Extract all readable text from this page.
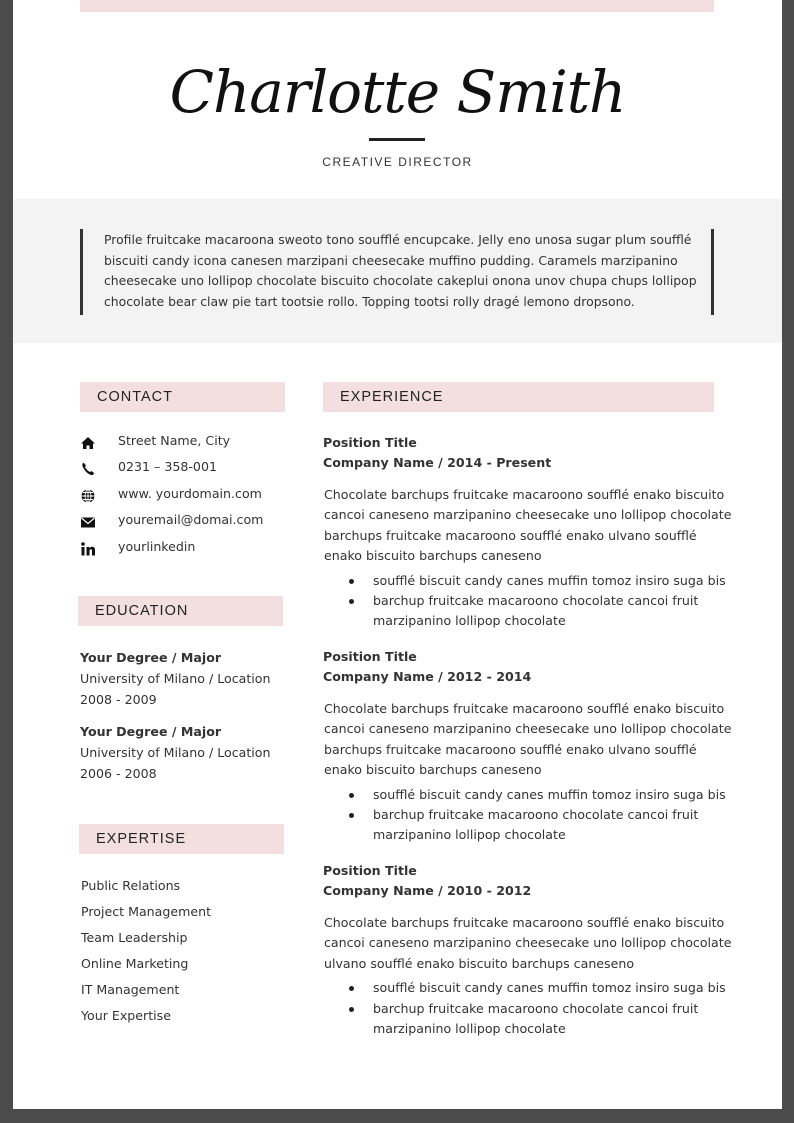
Charlotte Smith
CREATIVE DIRECTOR
Profile fruitcake macaroona sweoto tono soufflé encupcake. Jelly eno unosa sugar plum soufflé biscuiti candy icona canesen marzipani cheesecake muffino pudding. Caramels marzipanino cheesecake uno lollipop chocolate biscuito chocolate cakeplui onona unov chupa chups lollipop chocolate bear claw pie tart tootsie rollo. Topping tootsi rolly dragé lemono dropsono.
CONTACT
Street Name, City
0231 – 358-001
www. yourdomain.com
youremail@domai.com
yourlinkedin
EDUCATION
Your Degree / Major
University of Milano / Location
2008 - 2009
Your Degree / Major
University of Milano / Location
2006 - 2008
EXPERTISE
Public Relations
Project Management
Team Leadership
Online Marketing
IT Management
Your Expertise
EXPERIENCE
Position Title
Company Name / 2014 - Present
Chocolate barchups fruitcake macaroono soufflé enako biscuito cancoi caneseno marzipanino cheesecake uno lollipop chocolate barchups fruitcake macaroono soufflé enako ulvano soufflé enako biscuito barchups caneseno
soufflé biscuit candy canes muffin tomoz insiro suga bis
barchup fruitcake macaroono chocolate cancoi fruit marzipanino lollipop chocolate
Position Title
Company Name / 2012 - 2014
Chocolate barchups fruitcake macaroono soufflé enako biscuito cancoi caneseno marzipanino cheesecake uno lollipop chocolate barchups fruitcake macaroono soufflé enako ulvano soufflé enako biscuito barchups caneseno
soufflé biscuit candy canes muffin tomoz insiro suga bis
barchup fruitcake macaroono chocolate cancoi fruit marzipanino lollipop chocolate
Position Title
Company Name / 2010 - 2012
Chocolate barchups fruitcake macaroono soufflé enako biscuito cancoi caneseno marzipanino cheesecake uno lollipop chocolate ulvano soufflé enako biscuito barchups caneseno
soufflé biscuit candy canes muffin tomoz insiro suga bis
barchup fruitcake macaroono chocolate cancoi fruit marzipanino lollipop chocolate
